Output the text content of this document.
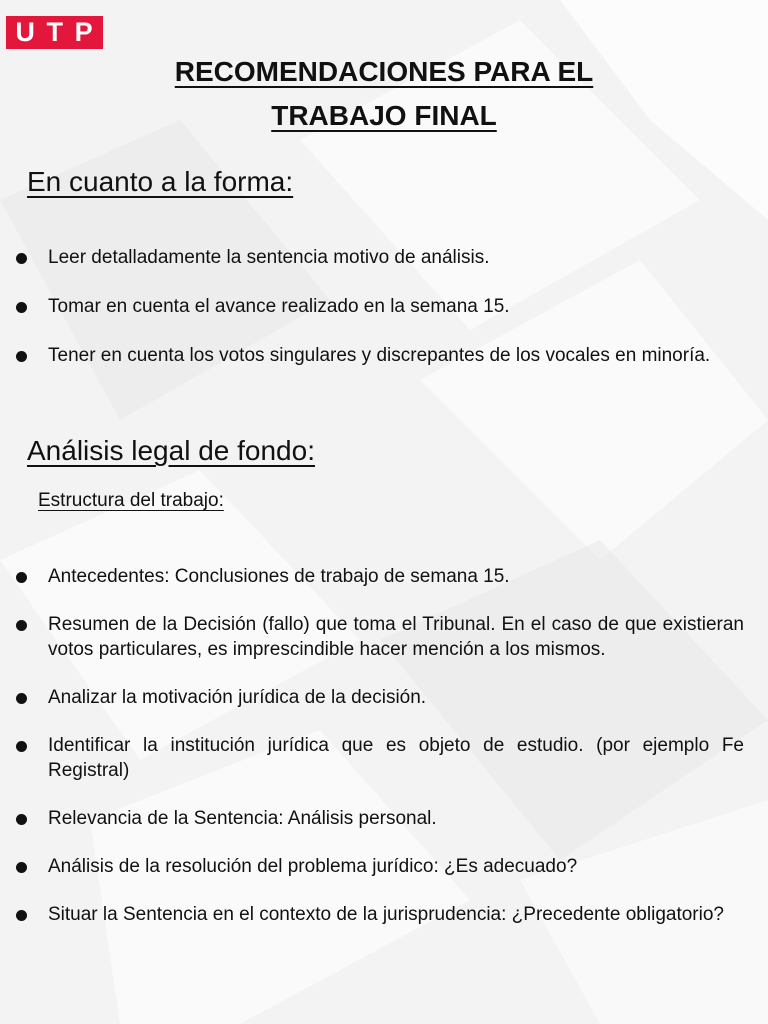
U T P
RECOMENDACIONES PARA EL
TRABAJO FINAL
En cuanto a la forma:
Leer detalladamente la sentencia motivo de análisis.
Tomar en cuenta el avance realizado en la semana 15.
Tener en cuenta los votos singulares y discrepantes de los vocales en minoría.
Análisis legal de fondo:
Estructura del trabajo:
Antecedentes: Conclusiones de trabajo de semana 15.
Resumen de la Decisión (fallo) que toma el Tribunal. En el caso de que existieran votos particulares, es imprescindible hacer mención a los mismos.
Analizar la motivación jurídica de la decisión.
Identificar la institución jurídica que es objeto de estudio. (por ejemplo Fe Registral)
Relevancia de la Sentencia: Análisis personal.
Análisis de la resolución del problema jurídico: ¿Es adecuado?
Situar la Sentencia en el contexto de la jurisprudencia: ¿Precedente obligatorio?
